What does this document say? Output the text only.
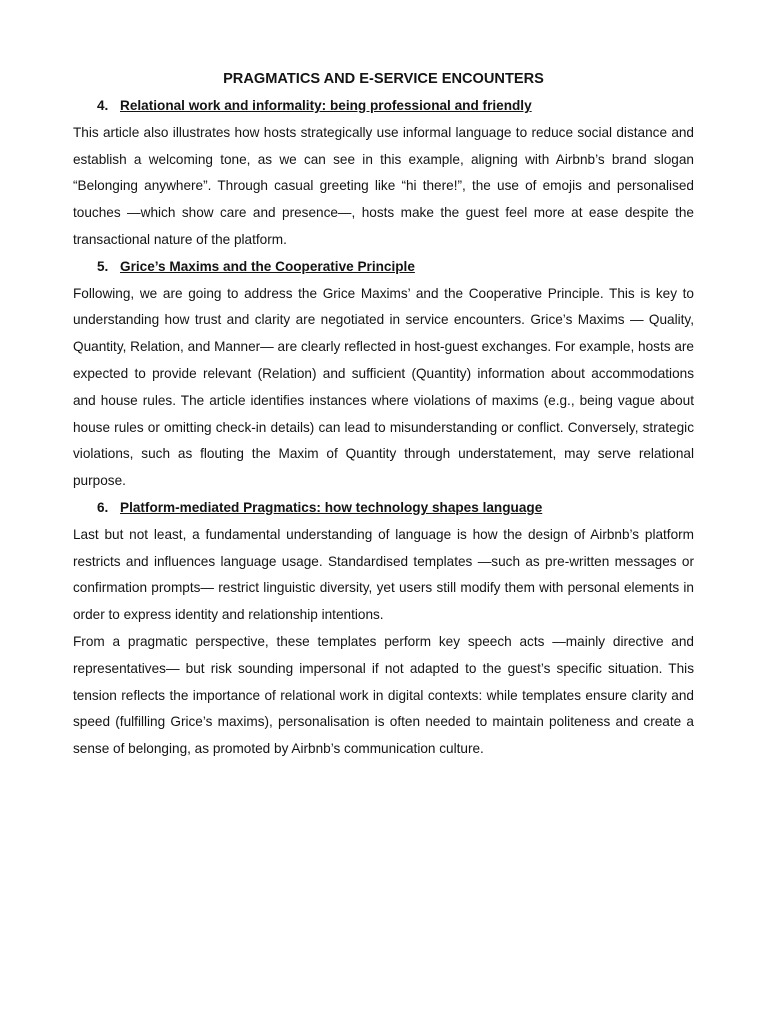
PRAGMATICS AND E-SERVICE ENCOUNTERS
4. Relational work and informality: being professional and friendly

This article also illustrates how hosts strategically use informal language to reduce social distance and establish a welcoming tone, as we can see in this example, aligning with Airbnb’s brand slogan “Belonging anywhere”. Through casual greeting like “hi there!”, the use of emojis and personalised touches —which show care and presence—, hosts make the guest feel more at ease despite the transactional nature of the platform.

5. Grice’s Maxims and the Cooperative Principle

Following, we are going to address the Grice Maxims’ and the Cooperative Principle. This is key to understanding how trust and clarity are negotiated in service encounters. Grice’s Maxims — Quality, Quantity, Relation, and Manner— are clearly reflected in host-guest exchanges. For example, hosts are expected to provide relevant (Relation) and sufficient (Quantity) information about accommodations and house rules. The article identifies instances where violations of maxims (e.g., being vague about house rules or omitting check-in details) can lead to misunderstanding or conflict. Conversely, strategic violations, such as flouting the Maxim of Quantity through understatement, may serve relational purpose.

6. Platform-mediated Pragmatics: how technology shapes language

Last but not least, a fundamental understanding of language is how the design of Airbnb’s platform restricts and influences language usage. Standardised templates —such as pre-written messages or confirmation prompts— restrict linguistic diversity, yet users still modify them with personal elements in order to express identity and relationship intentions.

From a pragmatic perspective, these templates perform key speech acts —mainly directive and representatives— but risk sounding impersonal if not adapted to the guest’s specific situation. This tension reflects the importance of relational work in digital contexts: while templates ensure clarity and speed (fulfilling Grice’s maxims), personalisation is often needed to maintain politeness and create a sense of belonging, as promoted by Airbnb’s communication culture.
